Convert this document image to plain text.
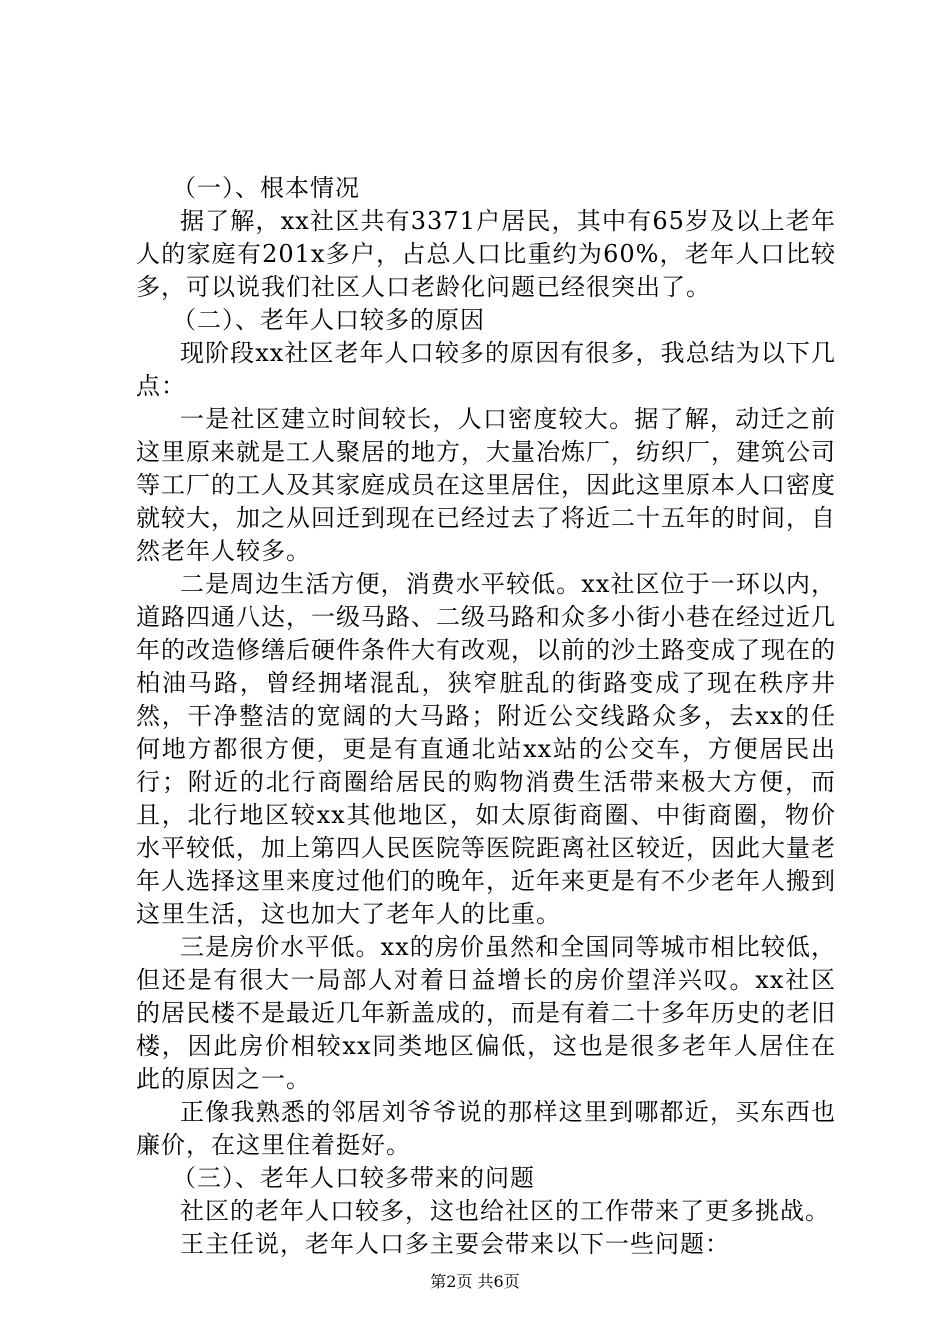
（一）、根本情况

据了解，xx社区共有3371户居民，其中有65岁及以上老年人的家庭有201x多户，占总人口比重约为60%，老年人口比较多，可以说我们社区人口老龄化问题已经很突出了。

（二）、老年人口较多的原因

现阶段xx社区老年人口较多的原因有很多，我总结为以下几点：

一是社区建立时间较长，人口密度较大。据了解，动迁之前这里原来就是工人聚居的地方，大量冶炼厂，纺织厂，建筑公司等工厂的工人及其家庭成员在这里居住，因此这里原本人口密度就较大，加之从回迁到现在已经过去了将近二十五年的时间，自然老年人较多。

二是周边生活方便，消费水平较低。xx社区位于一环以内，道路四通八达，一级马路、二级马路和众多小街小巷在经过近几年的改造修缮后硬件条件大有改观，以前的沙土路变成了现在的柏油马路，曾经拥堵混乱，狭窄脏乱的街路变成了现在秩序井然，干净整洁的宽阔的大马路；附近公交线路众多，去xx的任何地方都很方便，更是有直通北站xx站的公交车，方便居民出行；附近的北行商圈给居民的购物消费生活带来极大方便，而且，北行地区较xx其他地区，如太原街商圈、中街商圈，物价水平较低，加上第四人民医院等医院距离社区较近，因此大量老年人选择这里来度过他们的晚年，近年来更是有不少老年人搬到这里生活，这也加大了老年人的比重。

三是房价水平低。xx的房价虽然和全国同等城市相比较低，但还是有很大一局部人对着日益增长的房价望洋兴叹。xx社区的居民楼不是最近几年新盖成的，而是有着二十多年历史的老旧楼，因此房价相较xx同类地区偏低，这也是很多老年人居住在此的原因之一。

正像我熟悉的邻居刘爷爷说的那样这里到哪都近，买东西也廉价，在这里住着挺好。

（三）、老年人口较多带来的问题

社区的老年人口较多，这也给社区的工作带来了更多挑战。

王主任说，老年人口多主要会带来以下一些问题：

第2页 共6页
